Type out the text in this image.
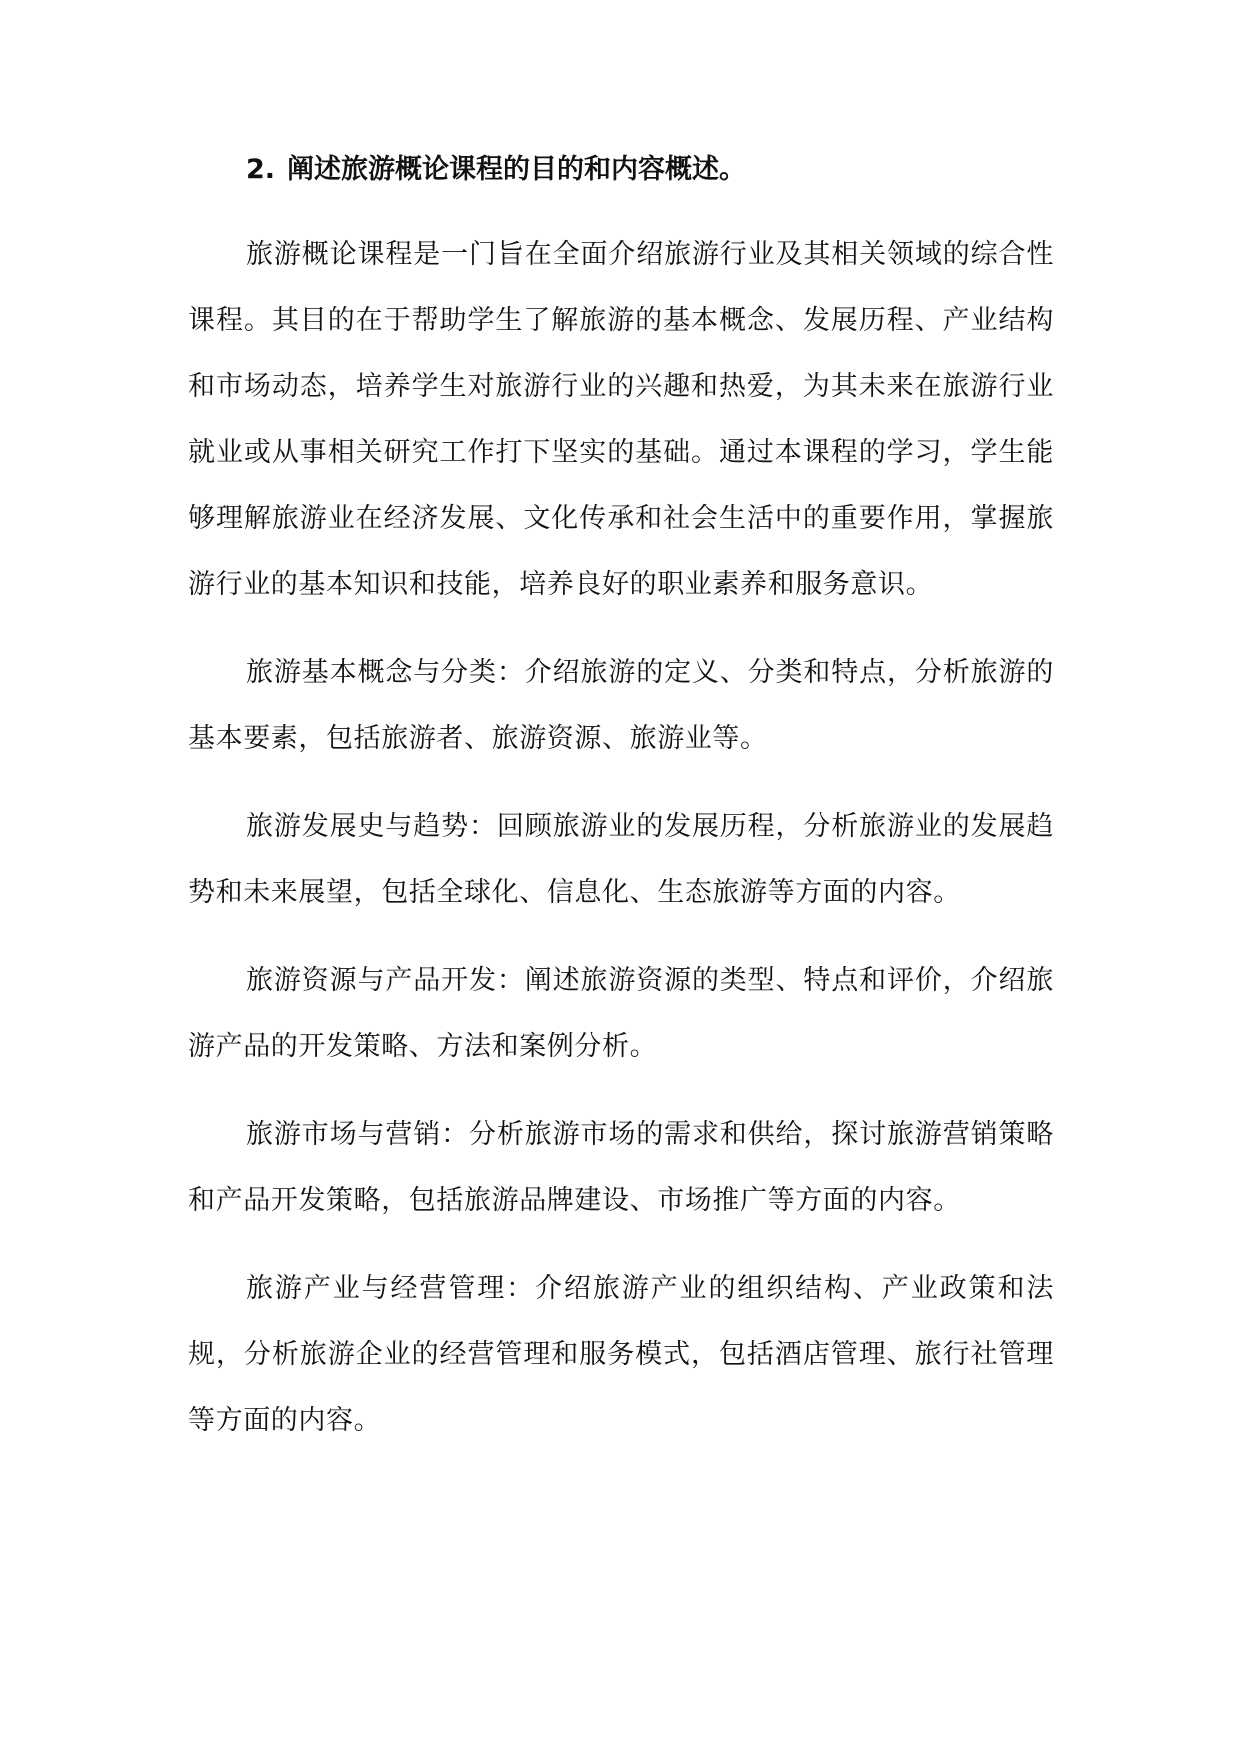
2. 阐述旅游概论课程的目的和内容概述。

旅游概论课程是一门旨在全面介绍旅游行业及其相关领域的综合性课程。其目的在于帮助学生了解旅游的基本概念、发展历程、产业结构和市场动态，培养学生对旅游行业的兴趣和热爱，为其未来在旅游行业就业或从事相关研究工作打下坚实的基础。通过本课程的学习，学生能够理解旅游业在经济发展、文化传承和社会生活中的重要作用，掌握旅游行业的基本知识和技能，培养良好的职业素养和服务意识。

旅游基本概念与分类：介绍旅游的定义、分类和特点，分析旅游的基本要素，包括旅游者、旅游资源、旅游业等。

旅游发展史与趋势：回顾旅游业的发展历程，分析旅游业的发展趋势和未来展望，包括全球化、信息化、生态旅游等方面的内容。

旅游资源与产品开发：阐述旅游资源的类型、特点和评价，介绍旅游产品的开发策略、方法和案例分析。

旅游市场与营销：分析旅游市场的需求和供给，探讨旅游营销策略和产品开发策略，包括旅游品牌建设、市场推广等方面的内容。

旅游产业与经营管理：介绍旅游产业的组织结构、产业政策和法规，分析旅游企业的经营管理和服务模式，包括酒店管理、旅行社管理等方面的内容。
